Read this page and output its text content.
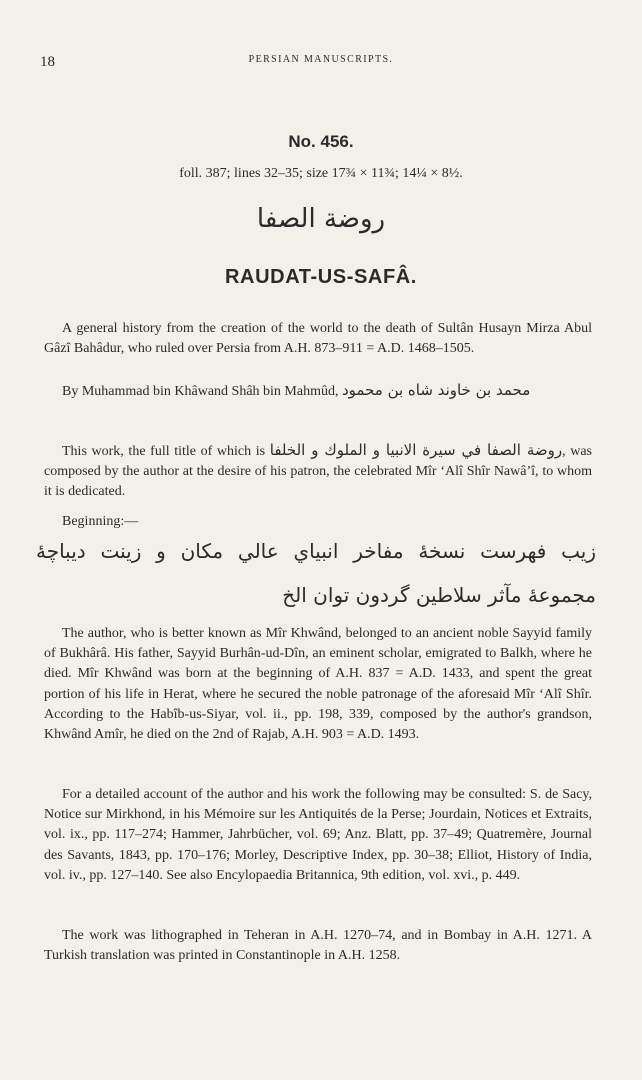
18	PERSIAN MANUSCRIPTS.
No. 456.
foll. 387; lines 32–35; size 17¾ × 11¾; 14¼ × 8½.
روضة الصفا
RAUDAT-US-SAFÂ.
A general history from the creation of the world to the death of Sultân Husayn Mirza Abul Gâzî Bahâdur, who ruled over Persia from A.H. 873–911 = A.D. 1468–1505.
By Muhammad bin Khâwand Shâh bin Mahmûd, محمد بن خاوند شاه بن محمود
This work, the full title of which is روضة الصفا في سيرة الانبيا و الملوك و الخلفا, was composed by the author at the desire of his patron, the celebrated Mîr ‘Alî Shîr Nawâ’î, to whom it is dedicated.
Beginning:—
زيب فهرست نسخهٔ مفاخر انبياي عالي مكان و زينت ديباچهٔ
مجموعهٔ مآثر سلاطين گردون توان الخ
The author, who is better known as Mîr Khwând, belonged to an ancient noble Sayyid family of Bukhârâ. His father, Sayyid Burhân-ud-Dîn, an eminent scholar, emigrated to Balkh, where he died. Mîr Khwând was born at the beginning of A.H. 837 = A.D. 1433, and spent the great portion of his life in Herat, where he secured the noble patronage of the aforesaid Mîr ‘Alî Shîr. According to the Habîb-us-Siyar, vol. ii., pp. 198, 339, composed by the author's grandson, Khwând Amîr, he died on the 2nd of Rajab, A.H. 903 = A.D. 1493.
For a detailed account of the author and his work the following may be consulted: S. de Sacy, Notice sur Mirkhond, in his Mémoire sur les Antiquités de la Perse; Jourdain, Notices et Extraits, vol. ix., pp. 117–274; Hammer, Jahrbücher, vol. 69; Anz. Blatt, pp. 37–49; Quatremère, Journal des Savants, 1843, pp. 170–176; Morley, Descriptive Index, pp. 30–38; Elliot, History of India, vol. iv., pp. 127–140. See also Encylopaedia Britannica, 9th edition, vol. xvi., p. 449.
The work was lithographed in Teheran in A.H. 1270–74, and in Bombay in A.H. 1271. A Turkish translation was printed in Constantinople in A.H. 1258.
